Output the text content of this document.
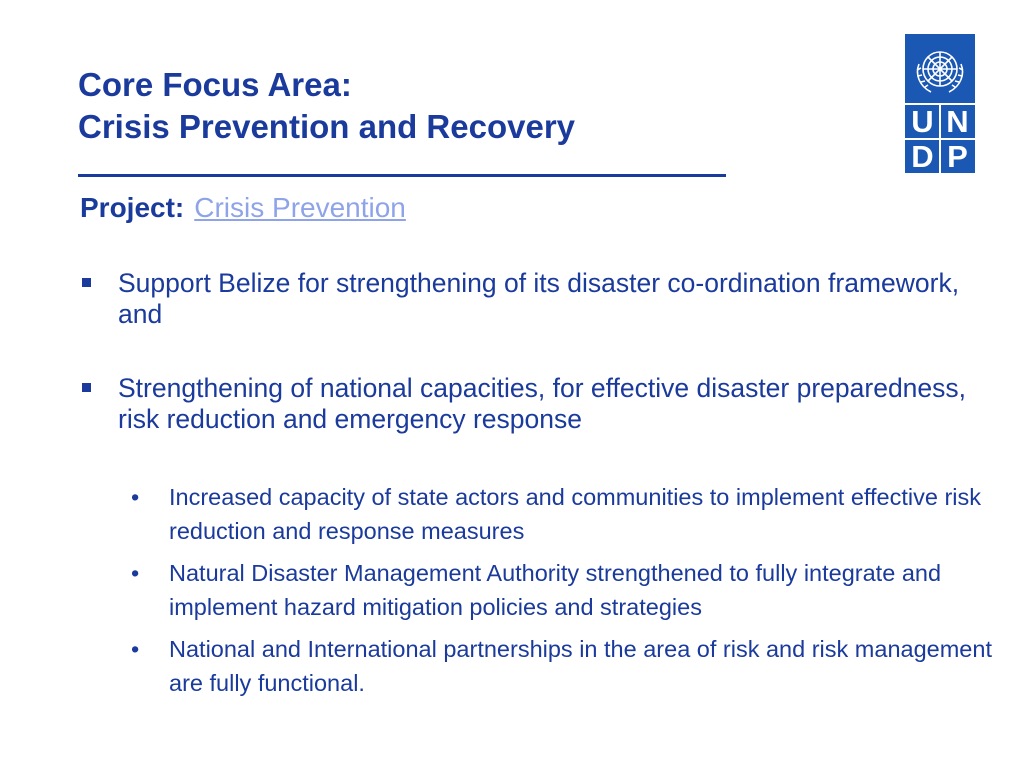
Core Focus Area:
Crisis Prevention and Recovery
Project: Crisis Prevention
Support Belize for strengthening of its disaster co-ordination framework, and
Strengthening of national capacities, for effective disaster preparedness, risk reduction and emergency response
• Increased capacity of state actors and communities to implement effective risk reduction and response measures
• Natural Disaster Management Authority strengthened to fully integrate and implement hazard mitigation policies and strategies
• National and International partnerships in the area of risk and risk management are fully functional.
U N
D P
